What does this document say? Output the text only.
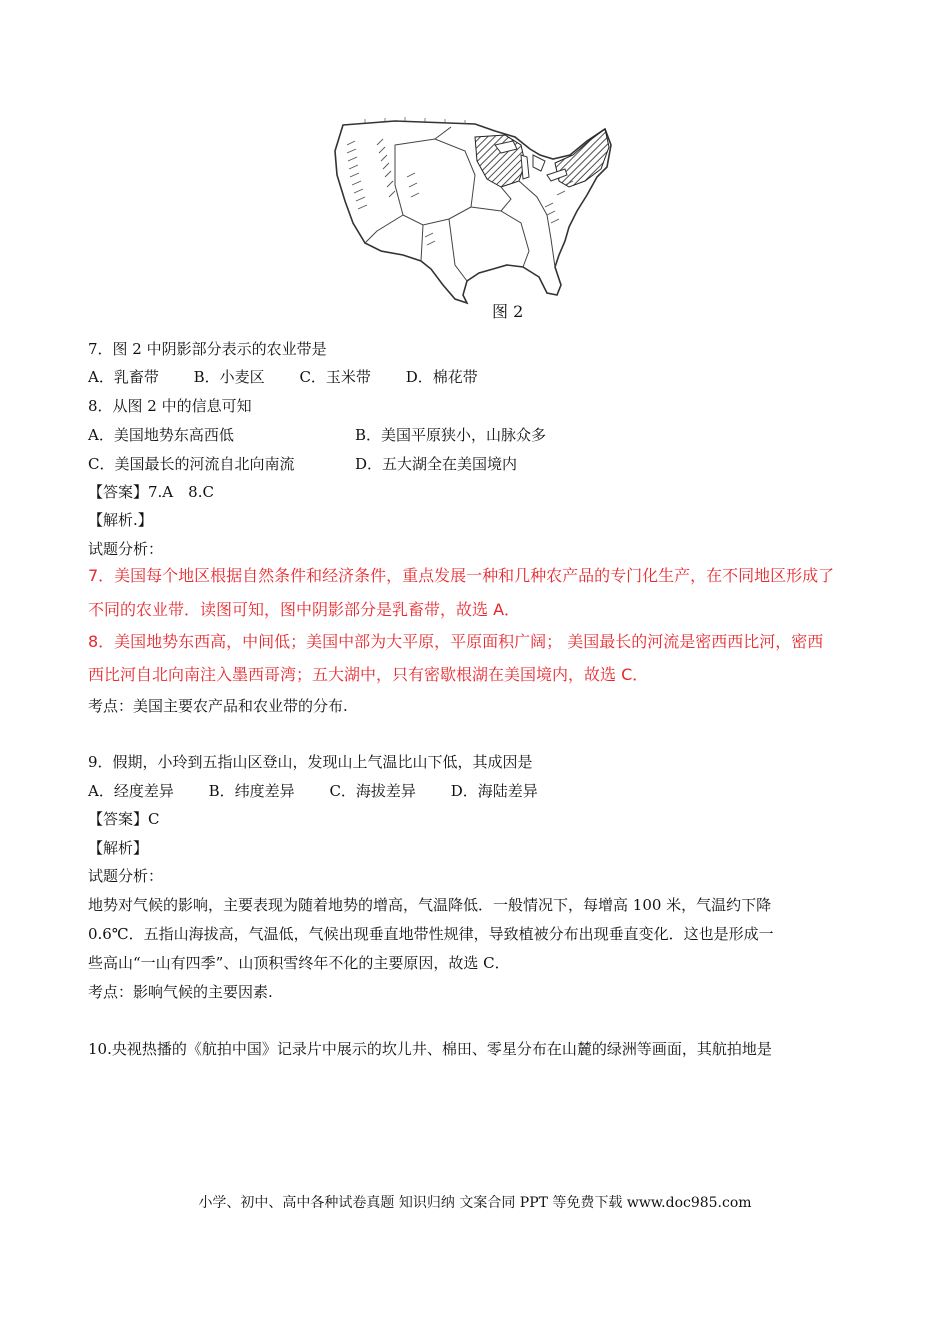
图 2
7．图 2 中阴影部分表示的农业带是
A．乳畜带 B．小麦区 C．玉米带 D．棉花带
8．从图 2 中的信息可知
A．美国地势东高西低	B．美国平原狭小，山脉众多
C．美国最长的河流自北向南流	D．五大湖全在美国境内
【答案】7.A　8.C
【解析.】
试题分析：
7．美国每个地区根据自然条件和经济条件，重点发展一种和几种农产品的专门化生产，在不同地区形成了
不同的农业带．读图可知，图中阴影部分是乳畜带，故选 A．
8．美国地势东西高，中间低；美国中部为大平原，平原面积广阔； 美国最长的河流是密西西比河，密西
西比河自北向南注入墨西哥湾；五大湖中，只有密歇根湖在美国境内，故选 C．
考点：美国主要农产品和农业带的分布.
9．假期，小玲到五指山区登山，发现山上气温比山下低，其成因是
A．经度差异 B．纬度差异 C．海拔差异 D．海陆差异
【答案】C
【解析】
试题分析：
地势对气候的影响，主要表现为随着地势的增高，气温降低．一般情况下，每增高 100 米，气温约下降
0.6℃．五指山海拔高，气温低，气候出现垂直地带性规律，导致植被分布出现垂直变化．这也是形成一
些高山“一山有四季”、山顶积雪终年不化的主要原因，故选 C．
考点：影响气候的主要因素.
10.央视热播的《航拍中国》记录片中展示的坎儿井、棉田、零星分布在山麓的绿洲等画面，其航拍地是
小学、初中、高中各种试卷真题 知识归纳 文案合同 PPT 等免费下载 www.doc985.com
